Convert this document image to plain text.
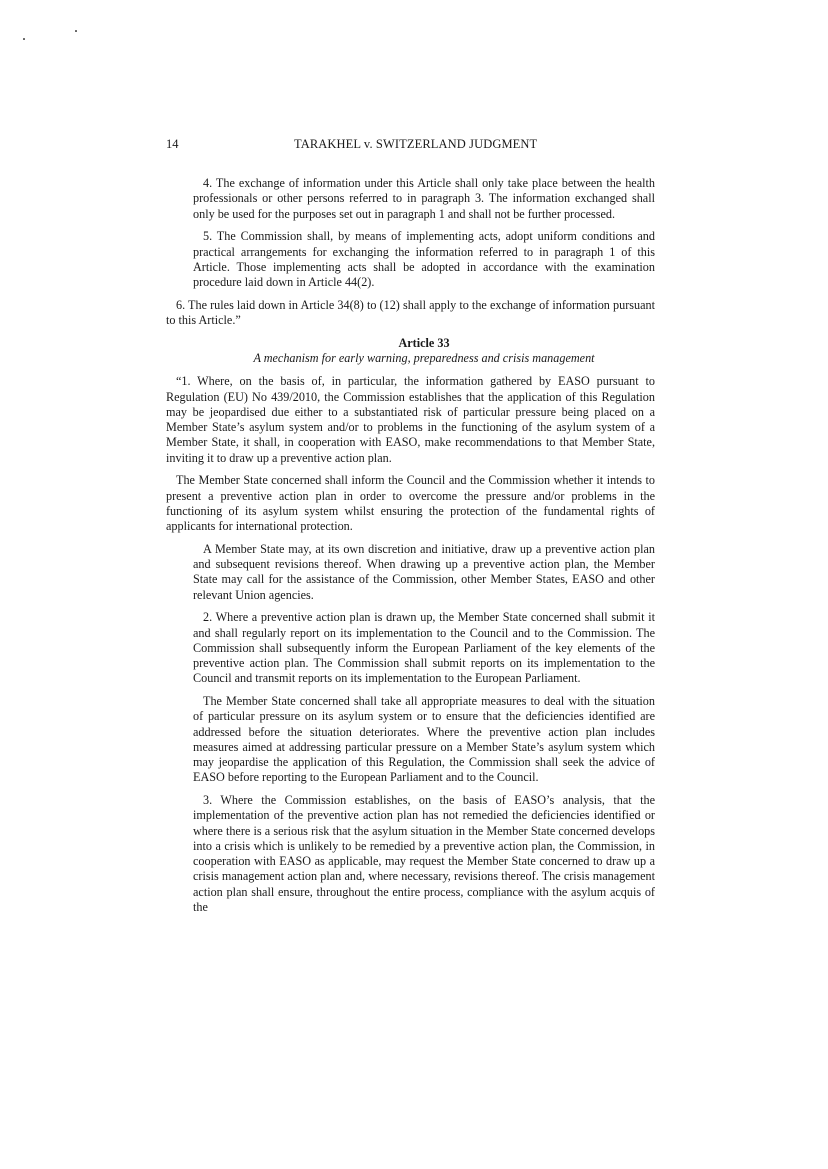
14	TARAKHEL v. SWITZERLAND JUDGMENT

4. The exchange of information under this Article shall only take place between the health professionals or other persons referred to in paragraph 3. The information exchanged shall only be used for the purposes set out in paragraph 1 and shall not be further processed.

5. The Commission shall, by means of implementing acts, adopt uniform conditions and practical arrangements for exchanging the information referred to in paragraph 1 of this Article. Those implementing acts shall be adopted in accordance with the examination procedure laid down in Article 44(2).

6. The rules laid down in Article 34(8) to (12) shall apply to the exchange of information pursuant to this Article.”

Article 33
A mechanism for early warning, preparedness and crisis management

“1. Where, on the basis of, in particular, the information gathered by EASO pursuant to Regulation (EU) No 439/2010, the Commission establishes that the application of this Regulation may be jeopardised due either to a substantiated risk of particular pressure being placed on a Member State’s asylum system and/or to problems in the functioning of the asylum system of a Member State, it shall, in cooperation with EASO, make recommendations to that Member State, inviting it to draw up a preventive action plan.

The Member State concerned shall inform the Council and the Commission whether it intends to present a preventive action plan in order to overcome the pressure and/or problems in the functioning of its asylum system whilst ensuring the protection of the fundamental rights of applicants for international protection.

A Member State may, at its own discretion and initiative, draw up a preventive action plan and subsequent revisions thereof. When drawing up a preventive action plan, the Member State may call for the assistance of the Commission, other Member States, EASO and other relevant Union agencies.

2. Where a preventive action plan is drawn up, the Member State concerned shall submit it and shall regularly report on its implementation to the Council and to the Commission. The Commission shall subsequently inform the European Parliament of the key elements of the preventive action plan. The Commission shall submit reports on its implementation to the Council and transmit reports on its implementation to the European Parliament.

The Member State concerned shall take all appropriate measures to deal with the situation of particular pressure on its asylum system or to ensure that the deficiencies identified are addressed before the situation deteriorates. Where the preventive action plan includes measures aimed at addressing particular pressure on a Member State’s asylum system which may jeopardise the application of this Regulation, the Commission shall seek the advice of EASO before reporting to the European Parliament and to the Council.

3. Where the Commission establishes, on the basis of EASO’s analysis, that the implementation of the preventive action plan has not remedied the deficiencies identified or where there is a serious risk that the asylum situation in the Member State concerned develops into a crisis which is unlikely to be remedied by a preventive action plan, the Commission, in cooperation with EASO as applicable, may request the Member State concerned to draw up a crisis management action plan and, where necessary, revisions thereof. The crisis management action plan shall ensure, throughout the entire process, compliance with the asylum acquis of the
